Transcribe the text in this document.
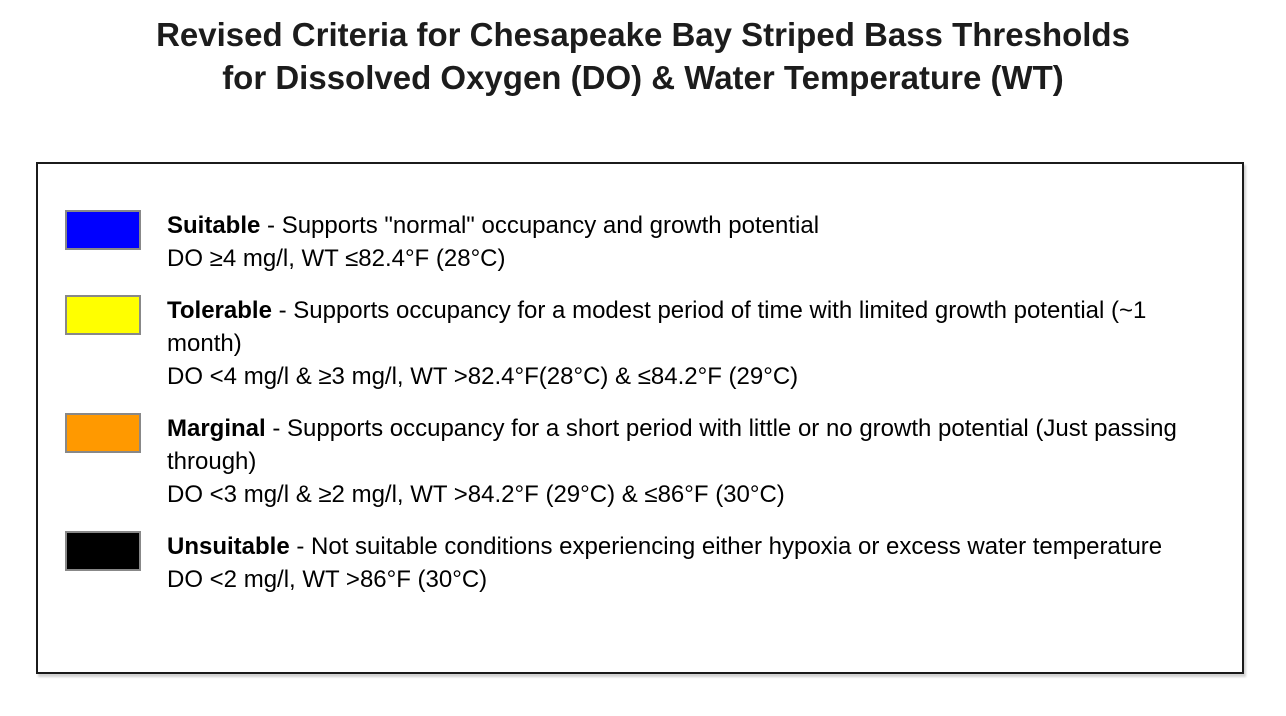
Revised Criteria for Chesapeake Bay Striped Bass Thresholds
for Dissolved Oxygen (DO) & Water Temperature (WT)
Suitable - Supports "normal" occupancy and growth potential
DO ≥4 mg/l, WT ≤82.4°F (28°C)
Tolerable - Supports occupancy for a modest period of time with limited growth potential (~1 month)
DO <4 mg/l & ≥3 mg/l, WT >82.4°F(28°C) & ≤84.2°F (29°C)
Marginal - Supports occupancy for a short period with little or no growth potential (Just passing through)
DO <3 mg/l & ≥2 mg/l, WT >84.2°F (29°C) & ≤86°F (30°C)
Unsuitable - Not suitable conditions experiencing either hypoxia or excess water temperature
DO <2 mg/l, WT >86°F (30°C)
